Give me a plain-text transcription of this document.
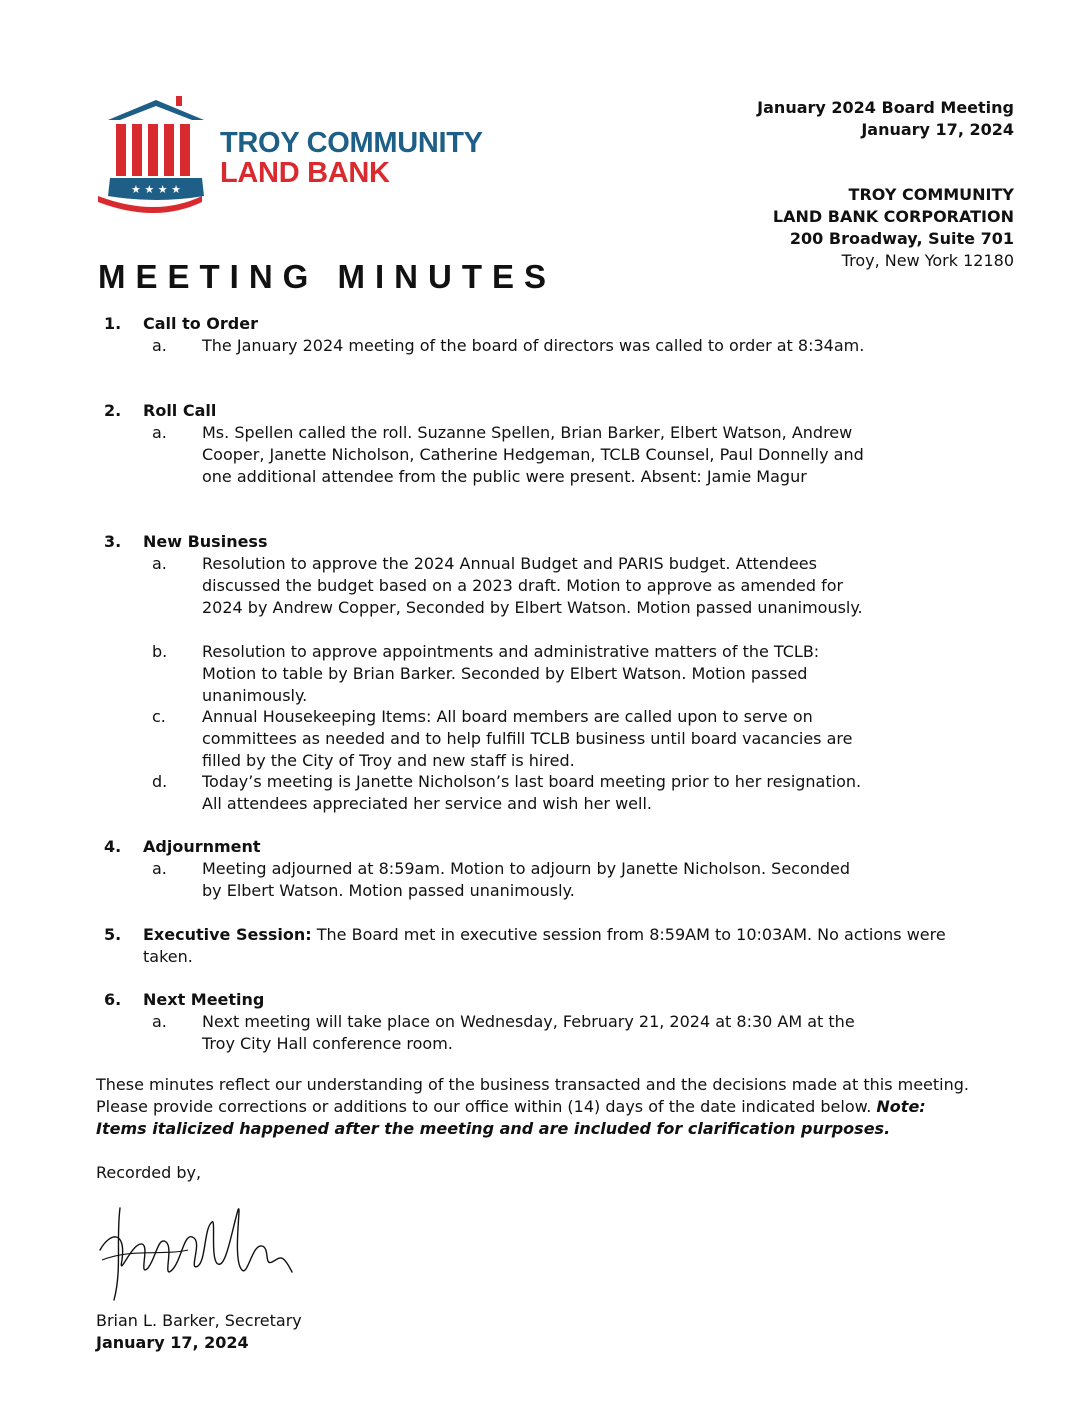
★ ★ ★ ★
TROY COMMUNITY
LAND BANK
January 2024 Board Meeting
January 17, 2024
TROY COMMUNITY
LAND BANK CORPORATION
200 Broadway, Suite 701
Troy, New York 12180
MEETING MINUTES
1. Call to Order
a. The January 2024 meeting of the board of directors was called to order at 8:34am.
2. Roll Call
a. Ms. Spellen called the roll. Suzanne Spellen, Brian Barker, Elbert Watson, Andrew Cooper, Janette Nicholson, Catherine Hedgeman, TCLB Counsel, Paul Donnelly and one additional attendee from the public were present. Absent: Jamie Magur
3. New Business
a. Resolution to approve the 2024 Annual Budget and PARIS budget. Attendees discussed the budget based on a 2023 draft. Motion to approve as amended for 2024 by Andrew Copper, Seconded by Elbert Watson. Motion passed unanimously.
b. Resolution to approve appointments and administrative matters of the TCLB: Motion to table by Brian Barker. Seconded by Elbert Watson. Motion passed unanimously.
c. Annual Housekeeping Items: All board members are called upon to serve on committees as needed and to help fulfill TCLB business until board vacancies are filled by the City of Troy and new staff is hired.
d. Today’s meeting is Janette Nicholson’s last board meeting prior to her resignation. All attendees appreciated her service and wish her well.
4. Adjournment
a. Meeting adjourned at 8:59am. Motion to adjourn by Janette Nicholson. Seconded by Elbert Watson. Motion passed unanimously.
5. Executive Session: The Board met in executive session from 8:59AM to 10:03AM. No actions were taken.
6. Next Meeting
a. Next meeting will take place on Wednesday, February 21, 2024 at 8:30 AM at the Troy City Hall conference room.
These minutes reflect our understanding of the business transacted and the decisions made at this meeting. Please provide corrections or additions to our office within (14) days of the date indicated below. Note: Items italicized happened after the meeting and are included for clarification purposes.
Recorded by,
Brian L. Barker, Secretary
January 17, 2024
